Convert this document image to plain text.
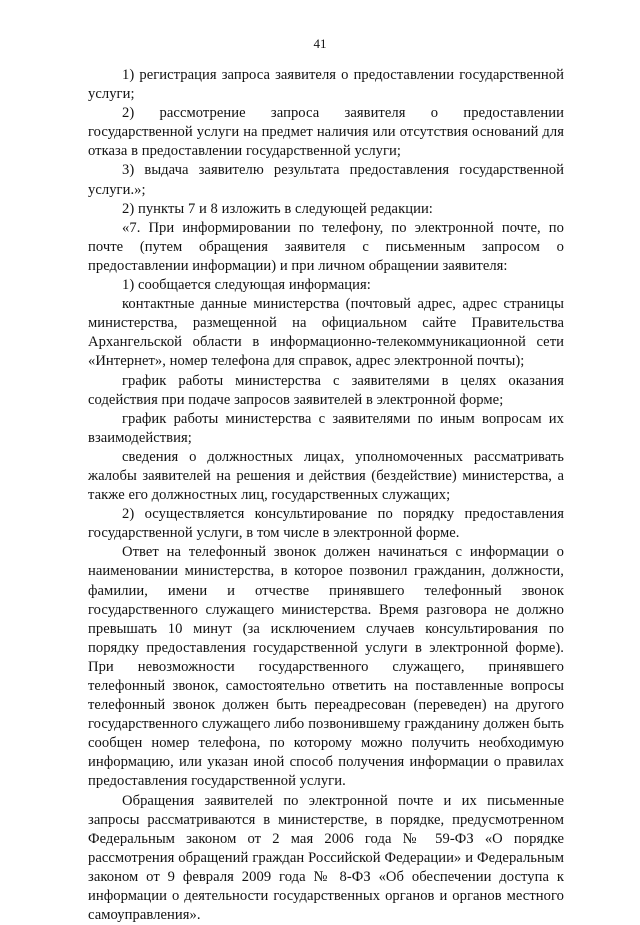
41

1) регистрация запроса заявителя о предоставлении государственной услуги;

2) рассмотрение запроса заявителя о предоставлении государственной услуги на предмет наличия или отсутствия оснований для отказа в предоставлении государственной услуги;

3) выдача заявителю результата предоставления государственной услуги.»;

2) пункты 7 и 8 изложить в следующей редакции:

«7. При информировании по телефону, по электронной почте, по почте (путем обращения заявителя с письменным запросом о предоставлении информации) и при личном обращении заявителя:

1) сообщается следующая информация:

контактные данные министерства (почтовый адрес, адрес страницы министерства, размещенной на официальном сайте Правительства Архангельской области в информационно-телекоммуникационной сети «Интернет», номер телефона для справок, адрес электронной почты);

график работы министерства с заявителями в целях оказания содействия при подаче запросов заявителей в электронной форме;

график работы министерства с заявителями по иным вопросам их взаимодействия;

сведения о должностных лицах, уполномоченных рассматривать жалобы заявителей на решения и действия (бездействие) министерства, а также его должностных лиц, государственных служащих;

2) осуществляется консультирование по порядку предоставления государственной услуги, в том числе в электронной форме.

Ответ на телефонный звонок должен начинаться с информации о наименовании министерства, в которое позвонил гражданин, должности, фамилии, имени и отчестве принявшего телефонный звонок государственного служащего министерства. Время разговора не должно превышать 10 минут (за исключением случаев консультирования по порядку предоставления государственной услуги в электронной форме). При невозможности государственного служащего, принявшего телефонный звонок, самостоятельно ответить на поставленные вопросы телефонный звонок должен быть переадресован (переведен) на другого государственного служащего либо позвонившему гражданину должен быть сообщен номер телефона, по которому можно получить необходимую информацию, или указан иной способ получения информации о правилах предоставления государственной услуги.

Обращения заявителей по электронной почте и их письменные запросы рассматриваются в министерстве, в порядке, предусмотренном Федеральным законом от 2 мая 2006 года № 59-ФЗ «О порядке рассмотрения обращений граждан Российской Федерации» и Федеральным законом от 9 февраля 2009 года № 8-ФЗ «Об обеспечении доступа к информации о деятельности государственных органов и органов местного самоуправления».
